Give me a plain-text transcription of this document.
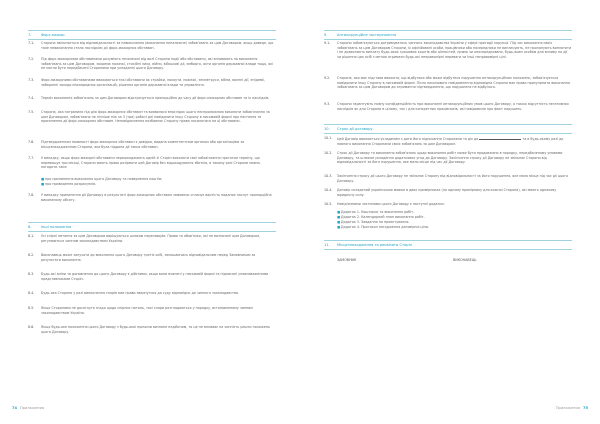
7.	Форс-мажор
7.1.	Сторона звільняється від відповідальності за невиконання (виконання неналежне) зобов'язань за цим Договором, якщо доведе, що таке невиконання стало наслідком дії форс-мажорних обставин.
7.2.	Під форс-мажорними обставинами розуміють незалежні від волі Сторони події або обставини, які впливають на виконання зобов'язань за цим Договором, зокрема пожежі, стихійні лиха, війни, військові дії, ембарго, акти органів державної влади тощо, які не могли бути передбачені Сторонами при укладанні цього Договору.
7.3.	Форс-мажорними обставинами вважаються такі обставини як страйки, локаути, пожежі, землетруси, війни, воєнні дії, епідемії, заборонні заходи міжнародних організацій, рішення органів державної влади та управління.
7.4.	Термін виконання зобов'язань за цим Договором відстрочується пропорційно до часу дії форс-мажорних обставин та їх наслідків.
7.5.	Сторона, яка потрапила під дію форс-мажорних обставин та виявилася внаслідок цього неспроможною виконати зобов'язання за цим Договором, зобов'язана не пізніше ніж за 3 (три) робочі дні повідомити іншу Сторону в письмовій формі про настання та припинення дії форс-мажорних обставин. Неповідомлення позбавляє Сторону права посилатися на ці обставини.
7.6.	Підтвердженням наявності форс-мажорних обставин є довідка, видана компетентним органом або організацією за місцезнаходженням Сторони, яка була піддана дії таких обставин.
7.7.	У випадку, якщо форс-мажорні обставини перешкоджають одній зі Сторін виконати свої зобов'язання протягом терміну, що перевищує три місяці, Сторони мають право розірвати цей Договір без відшкодування збитків, в такому разі Сторони мають погодити таке:
■ про припинення виконання цього Договору та повернення коштів;
■ про проведення розрахунків.
7.8.	У випадку припинення дії Договору в результаті форс-мажорних обставин замовник сплачує вартість наданих послуг пропорційно виконаному обсягу.
8.	Інші положення
8.1.	Усі спірні питання за цим Договором вирішуються шляхом переговорів. Права та обов'язки, які не визначені цим Договором, регулюються чинним законодавством України.
8.2.	Виконавець може залучати до виконання цього Договору третіх осіб, залишаючись відповідальним перед Замовником за результати виконання.
8.3.	Будь-які зміни та доповнення до цього Договору є дійсними, якщо вони вчинені у письмовій формі та підписані уповноваженими представниками Сторін.
8.4.	Будь-яка Сторона у разі виникнення спорів має право звернутися до суду відповідно до чинного законодавства.
8.5.	Якщо Сторонами не досягнуто згоди щодо спірних питань, такі спори розглядаються у порядку, встановленому чинним законодавством України.
8.6.	Якщо будь-яке положення цього Договору з будь-якої причини визнане недійсним, то це не впливає на чинність решти положень цього Договору.
74 Приложения
9.	Антикорупційне застереження
9.1.	Сторони зобов'язуються дотримуватись чинного законодавства України у сфері протидії корупції. Під час виконання своїх зобов'язань за цим Договором Сторони, їх афілійовані особи, працівники або посередники не виплачують, не пропонують виплатити і не дозволяють виплату будь-яких грошових коштів або цінностей, прямо чи опосередковано, будь-яким особам для впливу на дії чи рішення цих осіб з метою отримати будь-які неправомірні переваги чи інші неправомірні цілі.
9.2.	Сторона, яка має підстави вважати, що відбулося або може відбутися порушення антикорупційних положень, зобов'язується повідомити іншу Сторону в письмовій формі. Після письмового повідомлення відповідна Сторона має право призупинити виконання зобов'язань за цим Договором до отримання підтвердження, що порушення не відбулося.
9.3.	Сторони гарантують повну конфіденційність при виконанні антикорупційних умов цього Договору, а також відсутність негативних наслідків як для Сторони в цілому, так і для конкретних працівників, які повідомили про факт порушень.
10.	Строк дії договору
10.1.	Цей Договір вважається укладеним з дати його підписання Сторонами та діє до	та в будь-якому разі до повного виконання Сторонами своїх зобов'язань за цим Договором.
10.2.	Строк дії Договору та виконання зобов'язань щодо виконання робіт може бути продовжено в порядку, передбаченому умовами Договору, та шляхом укладення додаткових угод до Договору. Закінчення строку дії Договору не звільняє Сторони від відповідальності за його порушення, яке мало місце під час дії Договору.
10.3.	Закінчення строку дії цього Договору не звільняє Сторону від відповідальності за його порушення, яке мало місце під час дії цього Договору.
10.4.	Договір складений українською мовою в двох примірниках (по одному примірнику для кожної Сторони), які мають однакову юридичну силу.
10.5.	Невід'ємними частинами цього Договору є наступні додатки:
■ Додаток 1. Кошторис та виконання робіт.
■ Додаток 2. Календарний план виконання робіт.
■ Додаток 3. Завдання на проектування.
■ Додаток 4. Протокол погодження договірної ціни.
11.	Місцезнаходження та реквізити Сторін
ЗАМОВНИК	ВИКОНАВЕЦЬ
Приложения 75
